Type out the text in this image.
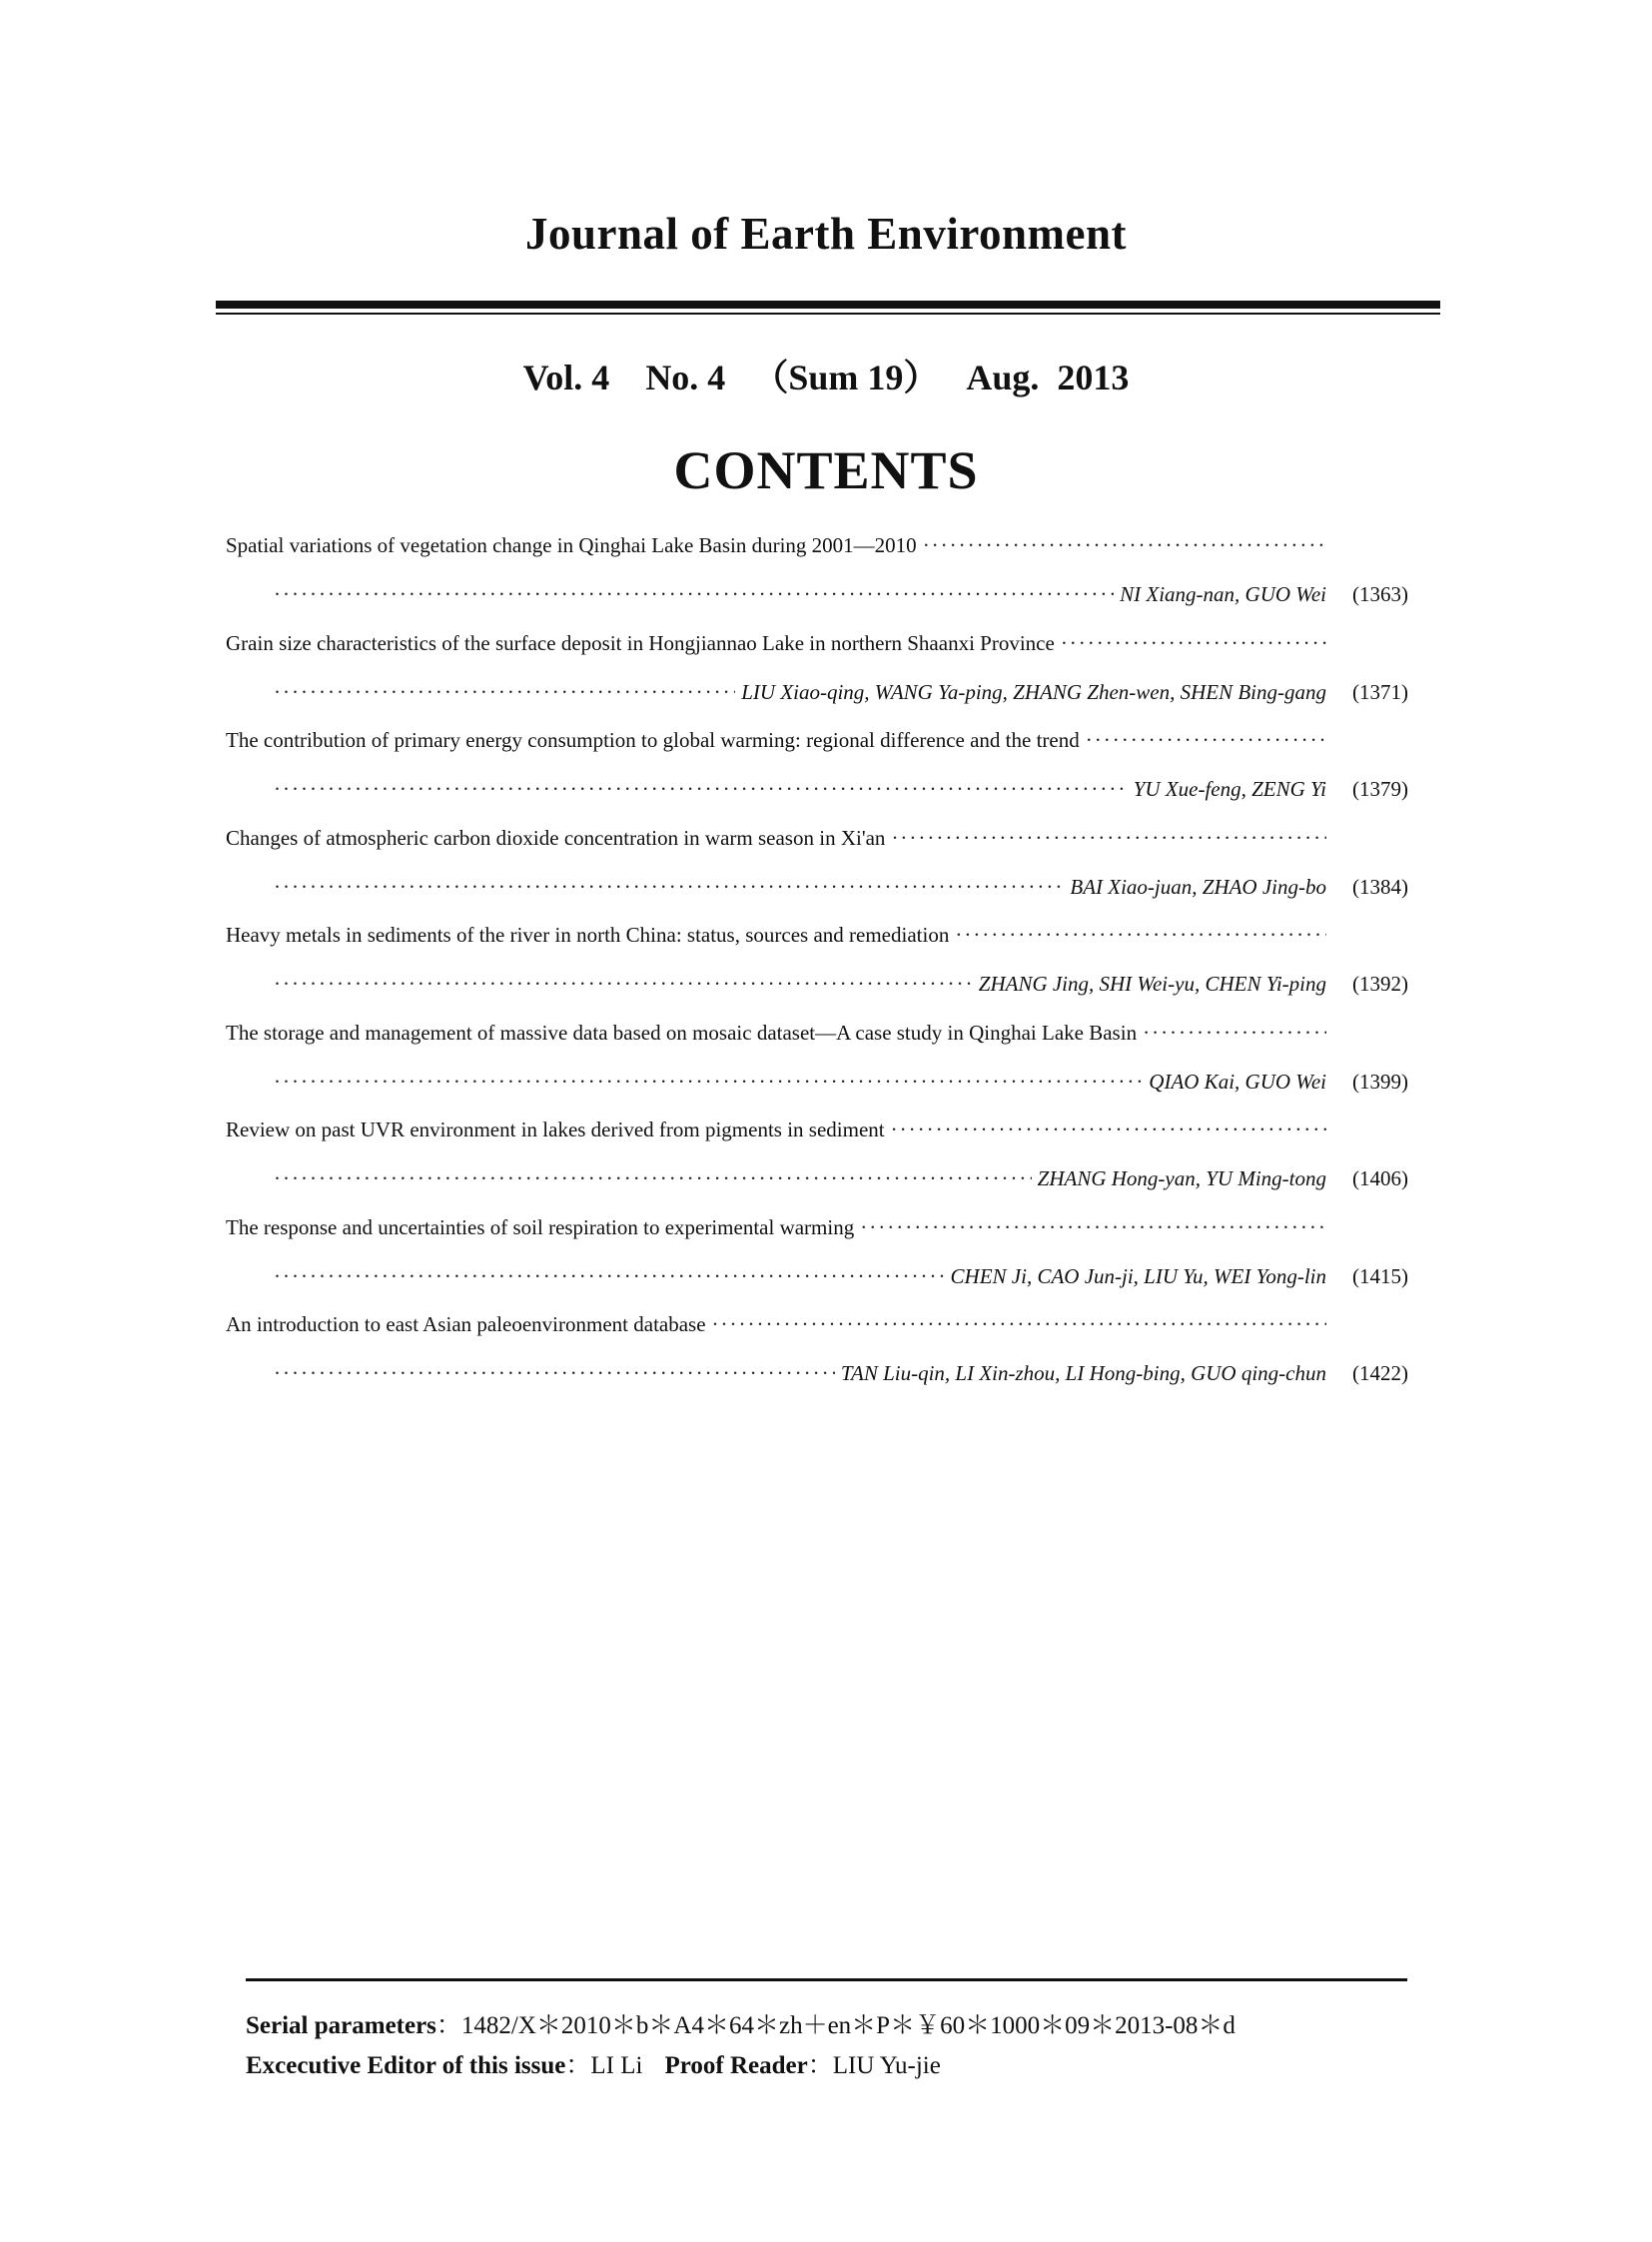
Journal of Earth Environment
Vol. 4 No. 4 （Sum 19） Aug.  2013
CONTENTS
Spatial variations of vegetation change in Qinghai Lake Basin during 2001—2010
·····
·····
NI Xiang-nan, GUO Wei (1363)
Grain size characteristics of the surface deposit in Hongjiannao Lake in northern Shaanxi Province
·····
·····
LIU Xiao-qing, WANG Ya-ping, ZHANG Zhen-wen, SHEN Bing-gang (1371)
The contribution of primary energy consumption to global warming: regional difference and the trend
·····
·····
YU Xue-feng, ZENG Yi (1379)
Changes of atmospheric carbon dioxide concentration in warm season in Xi'an
·····
·····
BAI Xiao-juan, ZHAO Jing-bo (1384)
Heavy metals in sediments of the river in north China: status, sources and remediation
·····
·····
ZHANG Jing, SHI Wei-yu, CHEN Yi-ping (1392)
The storage and management of massive data based on mosaic dataset—A case study in Qinghai Lake Basin
·····
·····
QIAO Kai, GUO Wei (1399)
Review on past UVR environment in lakes derived from pigments in sediment
·····
·····
ZHANG Hong-yan, YU Ming-tong (1406)
The response and uncertainties of soil respiration to experimental warming
·····
·····
CHEN Ji, CAO Jun-ji, LIU Yu, WEI Yong-lin (1415)
An introduction to east Asian paleoenvironment database
·····
·····
TAN Liu-qin, LI Xin-zhou, LI Hong-bing, GUO qing-chun (1422)
Serial parameters：1482/X＊2010＊b＊A4＊64＊zh＋en＊P＊￥60＊1000＊09＊2013-08＊d
Excecutive Editor of this issue：LI Li Proof Reader：LIU Yu-jie
